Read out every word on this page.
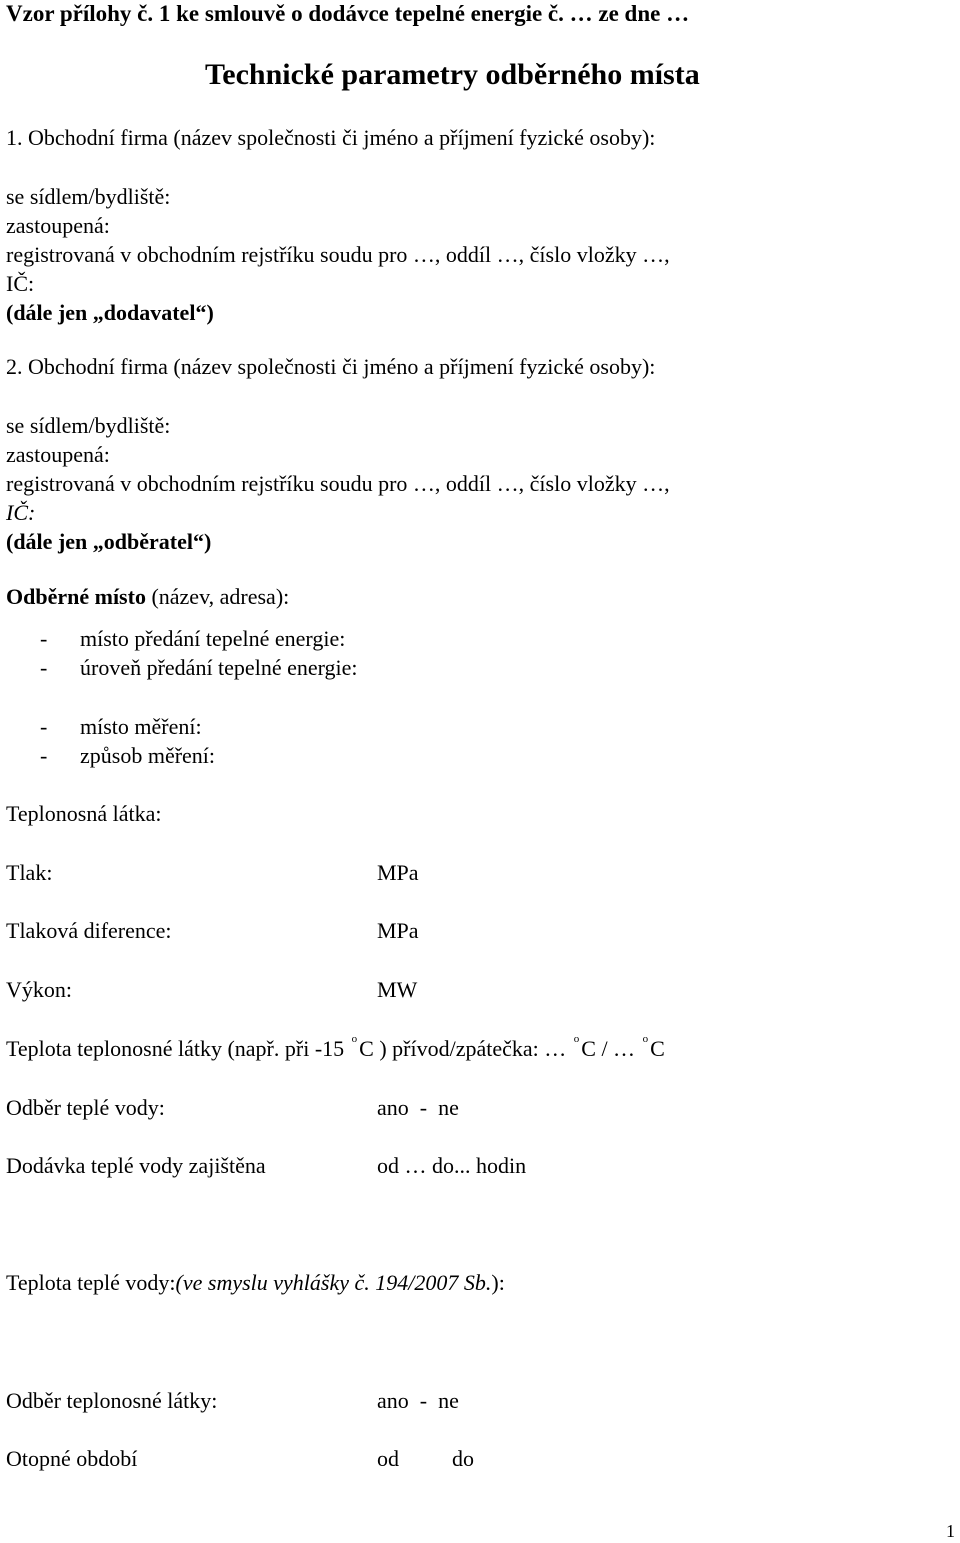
Vzor přílohy č. 1 ke smlouvě o dodávce tepelné energie č. … ze dne …
Technické parametry odběrného místa
1. Obchodní firma (název společnosti či jméno a příjmení fyzické osoby):
se sídlem/bydliště:
zastoupená:
registrovaná v obchodním rejstříku soudu pro …, oddíl …, číslo vložky …,
IČ:
(dále jen „dodavatel“)
2. Obchodní firma (název společnosti či jméno a příjmení fyzické osoby):
se sídlem/bydliště:
zastoupená:
registrovaná v obchodním rejstříku soudu pro …, oddíl …, číslo vložky …,
IČ:
(dále jen „odběratel“)
Odběrné místo (název, adresa):
- místo předání tepelné energie:
- úroveň předání tepelné energie:
- místo měření:
- způsob měření:
Teplonosná látka:
Tlak:	MPa
Tlaková diference:	MPa
Výkon:	MW
Teplota teplonosné látky (např. při -15 $^o$C ) přívod/zpátečka: … $^o$C / … $^o$C
Odběr teplé vody:	ano  -  ne
Dodávka teplé vody zajištěna	od … do... hodin
Teplota teplé vody:(ve smyslu vyhlášky č. 194/2007 Sb.):
Odběr teplonosné látky:	ano  -  ne
Otopné období	od do
1
